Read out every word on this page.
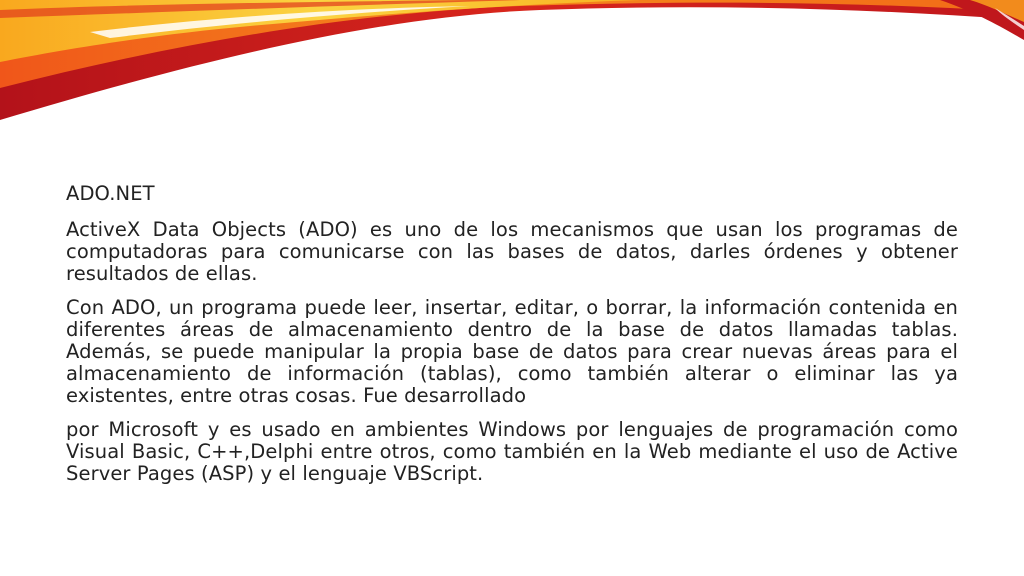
ADO.NET

ActiveX Data Objects (ADO) es uno de los mecanismos que usan los programas de computadoras para comunicarse con las bases de datos, darles órdenes y obtener resultados de ellas.

Con ADO, un programa puede leer, insertar, editar, o borrar, la información contenida en diferentes áreas de almacenamiento dentro de la base de datos llamadas tablas. Además, se puede manipular la propia base de datos para crear nuevas áreas para el almacenamiento de información (tablas), como también alterar o eliminar las ya existentes, entre otras cosas. Fue desarrollado

por Microsoft y es usado en ambientes Windows por lenguajes de programación como Visual Basic, C++,Delphi entre otros, como también en la Web mediante el uso de Active Server Pages (ASP) y el lenguaje VBScript.
